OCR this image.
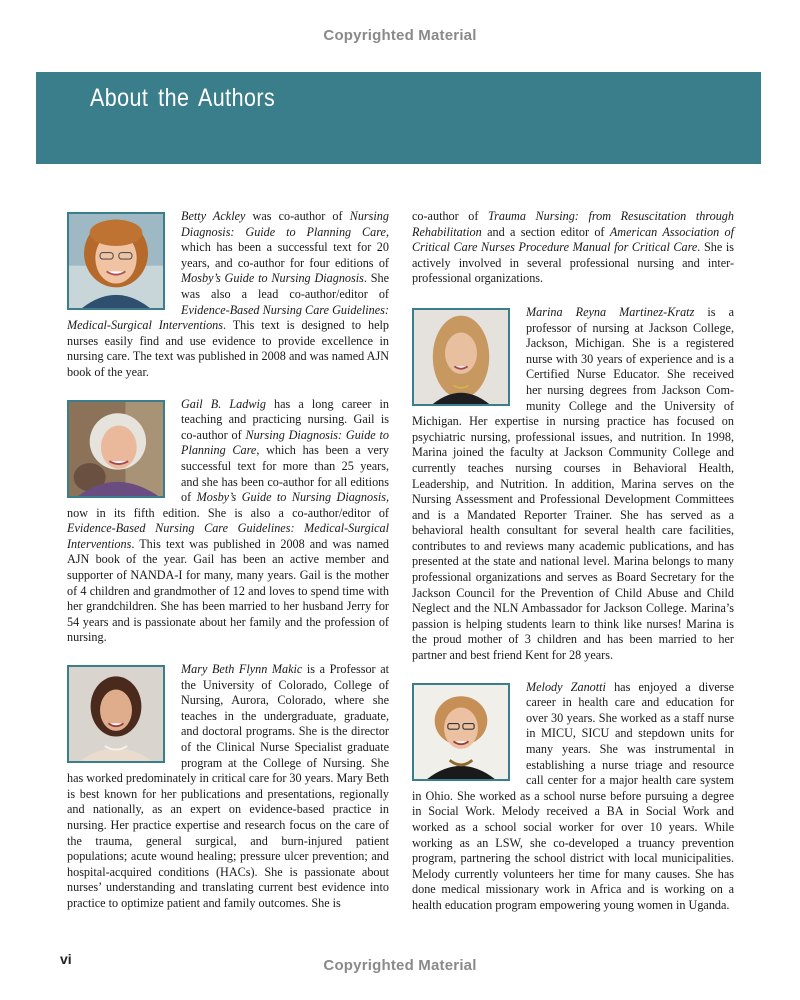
Copyrighted Material
About the Authors

Betty Ackley was co-author of Nursing Diagnosis: Guide to Planning Care, which has been a successful text for 20 years, and co-author for four editions of Mosby’s Guide to Nursing Diagnosis. She was also a lead co-author/editor of Evidence-Based Nursing Care Guidelines: Medical-Surgical Interventions. This text is designed to help nurses easily find and use evidence to provide excellence in nursing care. The text was published in 2008 and was named AJN book of the year.

Gail B. Ladwig has a long career in teaching and practicing nursing. Gail is co-author of Nursing Diagnosis: Guide to Planning Care, which has been a very successful text for more than 25 years, and she has been co-author for all editions of Mosby’s Guide to Nursing Diagnosis, now in its fifth edition. She is also a co-author/editor of Evidence-Based Nursing Care Guidelines: Medical-Surgical Interventions. This text was published in 2008 and was named AJN book of the year. Gail has been an active member and supporter of NANDA-I for many, many years. Gail is the mother of 4 children and grandmother of 12 and loves to spend time with her grandchildren. She has been married to her husband Jerry for 54 years and is passionate about her family and the profession of nursing.

Mary Beth Flynn Makic is a Professor at the University of Colorado, College of Nursing, Aurora, Colorado, where she teaches in the undergraduate, graduate, and doctoral programs. She is the director of the Clinical Nurse Specialist graduate program at the College of Nursing. She has worked predominately in critical care for 30 years. Mary Beth is best known for her publications and presentations, regionally and nationally, as an expert on evidence-based practice in nursing. Her practice expertise and research focus on the care of the trauma, general surgical, and burn-injured patient populations; acute wound healing; pressure ulcer prevention; and hospital-acquired conditions (HACs). She is passionate about nurses’ understanding and translating current best evidence into practice to optimize patient and family outcomes. She is

co-author of Trauma Nursing: from Resuscitation through Rehabilitation and a section editor of American Association of Critical Care Nurses Procedure Manual for Critical Care. She is actively involved in several professional nursing and inter-professional organizations.

Marina Reyna Martinez-Kratz is a professor of nursing at Jackson College, Jackson, Michigan. She is a registered nurse with 30 years of experience and is a Certified Nurse Educator. She received her nursing degrees from Jackson Community College and the University of Michigan. Her expertise in nursing practice has focused on psychiatric nursing, professional issues, and nutrition. In 1998, Marina joined the faculty at Jackson Community College and currently teaches nursing courses in Behavioral Health, Leadership, and Nutrition. In addition, Marina serves on the Nursing Assessment and Professional Development Committees and is a Mandated Reporter Trainer. She has served as a behavioral health consultant for several health care facilities, contributes to and reviews many academic publications, and has presented at the state and national level. Marina belongs to many professional organizations and serves as Board Secretary for the Jackson Council for the Prevention of Child Abuse and Child Neglect and the NLN Ambassador for Jackson College. Marina’s passion is helping students learn to think like nurses! Marina is the proud mother of 3 children and has been married to her partner and best friend Kent for 28 years.

Melody Zanotti has enjoyed a diverse career in health care and education for over 30 years. She worked as a staff nurse in MICU, SICU and stepdown units for many years. She was instrumental in establishing a nurse triage and resource call center for a major health care system in Ohio. She worked as a school nurse before pursuing a degree in Social Work. Melody received a BA in Social Work and worked as a school social worker for over 10 years. While working as an LSW, she co-developed a truancy prevention program, partnering the school district with local municipalities. Melody currently volunteers her time for many causes. She has done medical missionary work in Africa and is working on a health education program empowering young women in Uganda.

vi	Copyrighted Material
